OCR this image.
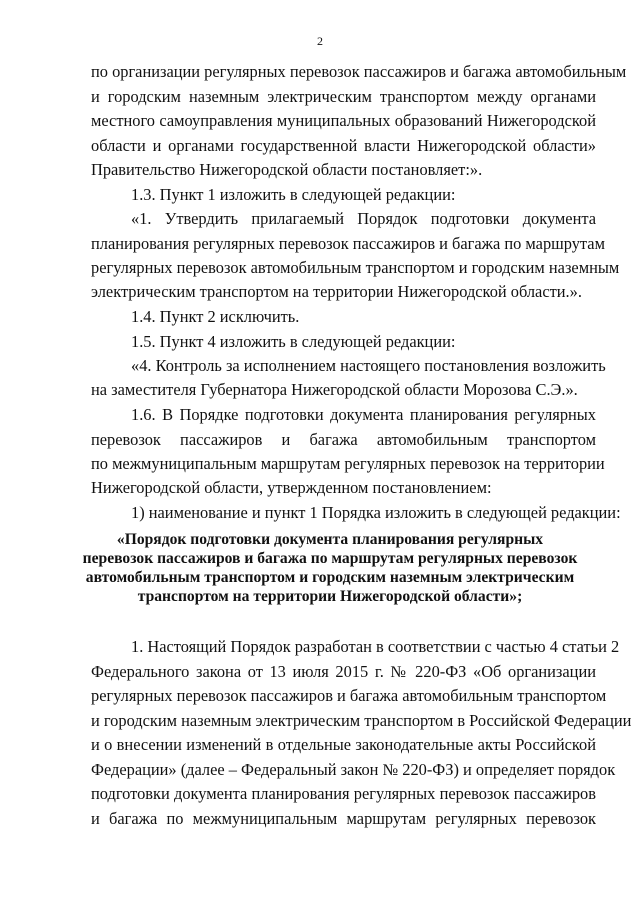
2
по организации регулярных перевозок пассажиров и багажа автомобильным
и городским наземным электрическим транспортом между органами
местного самоуправления муниципальных образований Нижегородской
области и органами государственной власти Нижегородской области»
Правительство Нижегородской области постановляет:».
1.3. Пункт 1 изложить в следующей редакции:
«1. Утвердить прилагаемый Порядок подготовки документа
планирования регулярных перевозок пассажиров и багажа по маршрутам
регулярных перевозок автомобильным транспортом и городским наземным
электрическим транспортом на территории Нижегородской области.».
1.4. Пункт 2 исключить.
1.5. Пункт 4 изложить в следующей редакции:
«4. Контроль за исполнением настоящего постановления возложить
на заместителя Губернатора Нижегородской области Морозова С.Э.».
1.6. В Порядке подготовки документа планирования регулярных
перевозок пассажиров и багажа автомобильным транспортом
по межмуниципальным маршрутам регулярных перевозок на территории
Нижегородской области, утвержденном постановлением:
1) наименование и пункт 1 Порядка изложить в следующей редакции:
«Порядок подготовки документа планирования регулярных
перевозок пассажиров и багажа по маршрутам регулярных перевозок
автомобильным транспортом и городским наземным электрическим
транспортом на территории Нижегородской области»;
1. Настоящий Порядок разработан в соответствии с частью 4 статьи 2
Федерального закона от 13 июля 2015 г. № 220-ФЗ «Об организации
регулярных перевозок пассажиров и багажа автомобильным транспортом
и городским наземным электрическим транспортом в Российской Федерации
и о внесении изменений в отдельные законодательные акты Российской
Федерации» (далее – Федеральный закон № 220-ФЗ) и определяет порядок
подготовки документа планирования регулярных перевозок пассажиров
и багажа по межмуниципальным маршрутам регулярных перевозок
